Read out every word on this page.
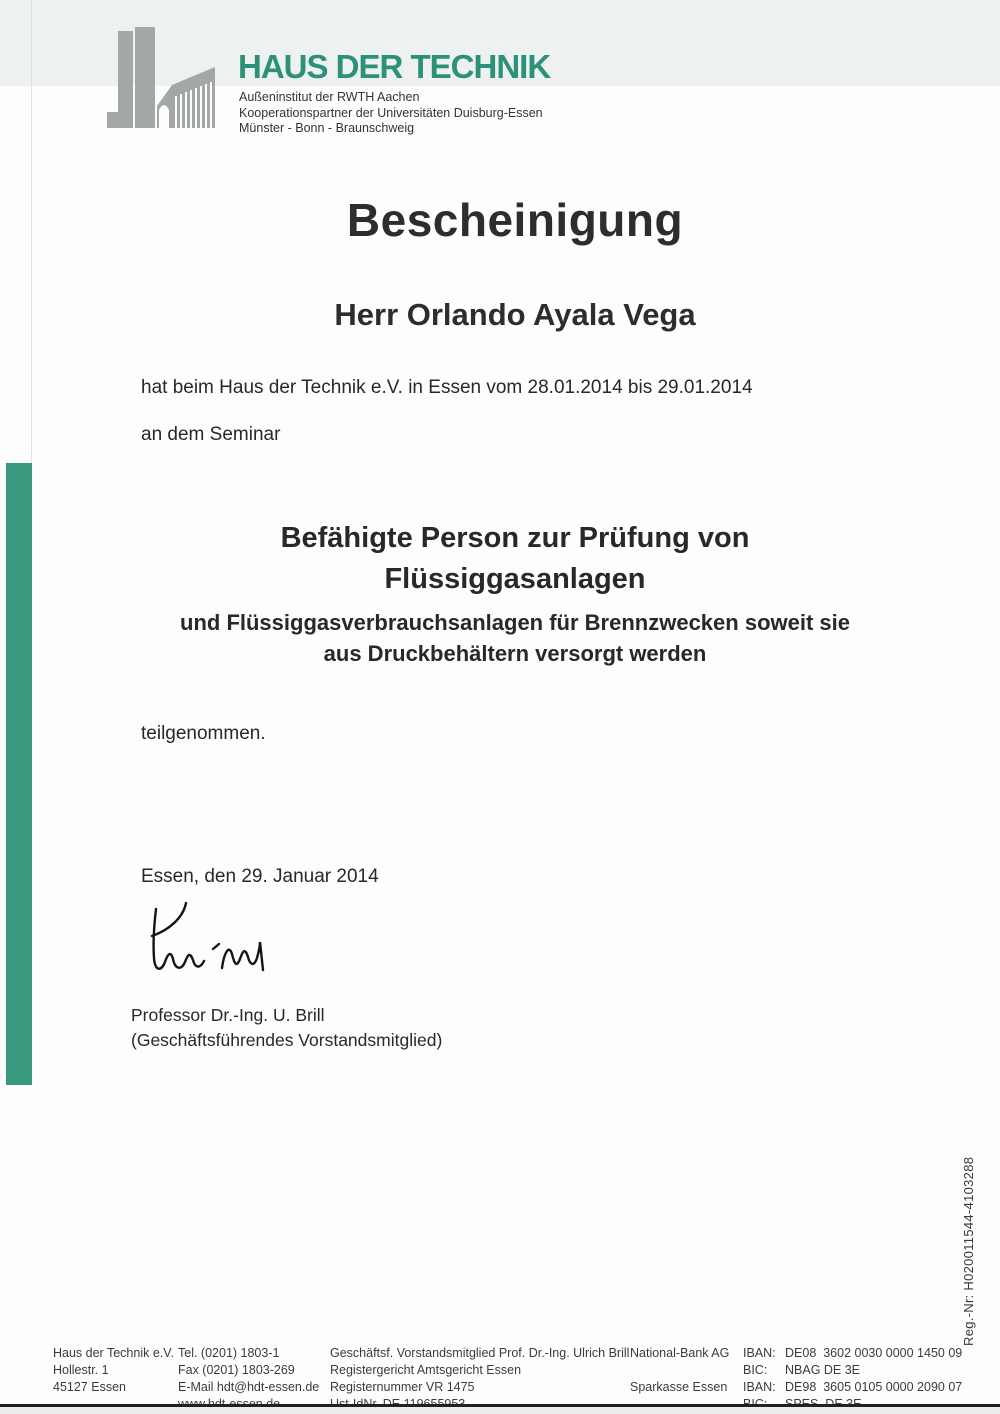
HAUS DER TECHNIK
Außeninstitut der RWTH Aachen
Kooperationspartner der Universitäten Duisburg-Essen
Münster - Bonn - Braunschweig
Bescheinigung
Herr Orlando Ayala Vega
hat beim Haus der Technik e.V. in Essen vom 28.01.2014 bis 29.01.2014
an dem Seminar
Befähigte Person zur Prüfung von
Flüssiggasanlagen
und Flüssiggasverbrauchsanlagen für Brennzwecken soweit sie
aus Druckbehältern versorgt werden
teilgenommen.
Essen, den 29. Januar 2014
Professor Dr.-Ing. U. Brill
(Geschäftsführendes Vorstandsmitglied)
Reg.-Nr: H020011544-4103288
Haus der Technik e.V.
Hollestr. 1
45127 Essen
Tel. (0201) 1803-1
Fax (0201) 1803-269
E-Mail hdt@hdt-essen.de
Geschäftsf. Vorstandsmitglied Prof. Dr.-Ing. Ulrich Brill
Registergericht Amtsgericht Essen
Registernummer VR 1475
National-Bank AG
Sparkasse Essen
IBAN:
BIC:
IBAN:
DE08  3602 0030 0000 1450 09
NBAG DE 3E
DE98  3605 0105 0000 2090 07
